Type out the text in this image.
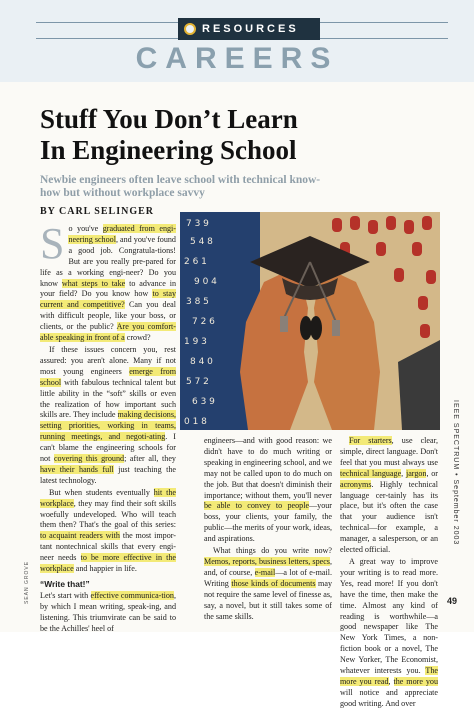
RESOURCES
CAREERS
Stuff You Don’t Learn
In Engineering School
Newbie engineers often leave school with technical know-how but without workplace savvy
BY CARL SELINGER

So you've graduated from engi-neering school, and you've found a good job. Congratula-tions! But are you really pre-pared for life as a working engi-neer? Do you know what steps to take to advance in your field? Do you know how to stay current and competitive? Can you deal with difficult people, like your boss, or clients, or the public? Are you comfort-able speaking in front of a crowd?

If these issues concern you, rest assured: you aren't alone. Many if not most young engineers emerge from school with fabulous technical talent but little ability in the “soft” skills or even the realization of how important such skills are. They include making decisions, setting priorities, working in teams, running meetings, and negoti-ating. I can't blame the engineering schools for not covering this ground; after all, they have their hands full just teaching the latest technology.

But when students eventually hit the workplace, they may find their soft skills woefully undeveloped. Who will teach them then? That's the goal of this series: to acquaint readers with the most impor-tant nontechnical skills that every engi-neer needs to be more effective in the workplace and happier in life.

“Write that!”

Let's start with effective communica-tion, by which I mean writing, speak-ing, and listening. This triumvirate can be said to be the Achilles' heel of

7 3 9
5 4 8
2 6 1
9 0 4
3 8 5
7 2 6
1 9 3
8 4 0
5 7 2
6 3 9
0 1 8

engineers—and with good reason: we didn't have to do much writing or speaking in engineering school, and we may not be called upon to do much on the job. But that doesn't diminish their importance; without them, you'll never be able to convey to people—your boss, your clients, your family, the public—the merits of your work, ideas, and aspirations.

What things do you write now? Memos, reports, business letters, specs, and, of course, e-mail—a lot of e-mail. Writing those kinds of documents may not require the same level of finesse as, say, a novel, but it still takes some of the same skills.

For starters, use clear, simple, direct language. Don't feel that you must always use technical language, jargon, or acronyms. Highly technical language cer-tainly has its place, but it's often the case that your audience isn't technical—for example, a manager, a salesperson, or an elected official.

A great way to improve your writing is to read more. Yes, read more! If you don't have the time, then make the time. Almost any kind of reading is worthwhile—a good newspaper like The New York Times, a non-fiction book or a novel, The New Yorker, The Economist, whatever interests you. The more you read, the more you will notice and appreciate good writing. And over

IEEE SPECTRUM • September 2003
SEAN GROVE	49
